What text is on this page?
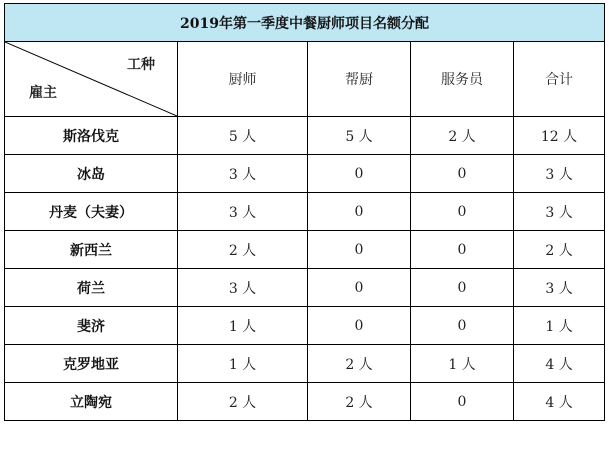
2019年第一季度中餐厨师项目名额分配				

工种
雇主	厨师	帮厨	服务员	合计
斯洛伐克	5 人	5 人	2 人	12 人
冰岛	3 人	0	0	3 人
丹麦（夫妻）	3 人	0	0	3 人
新西兰	2 人	0	0	2 人
荷兰	3 人	0	0	3 人
斐济	1 人	0	0	1 人
克罗地亚	1 人	2 人	1 人	4 人
立陶宛	2 人	2 人	0	4 人
